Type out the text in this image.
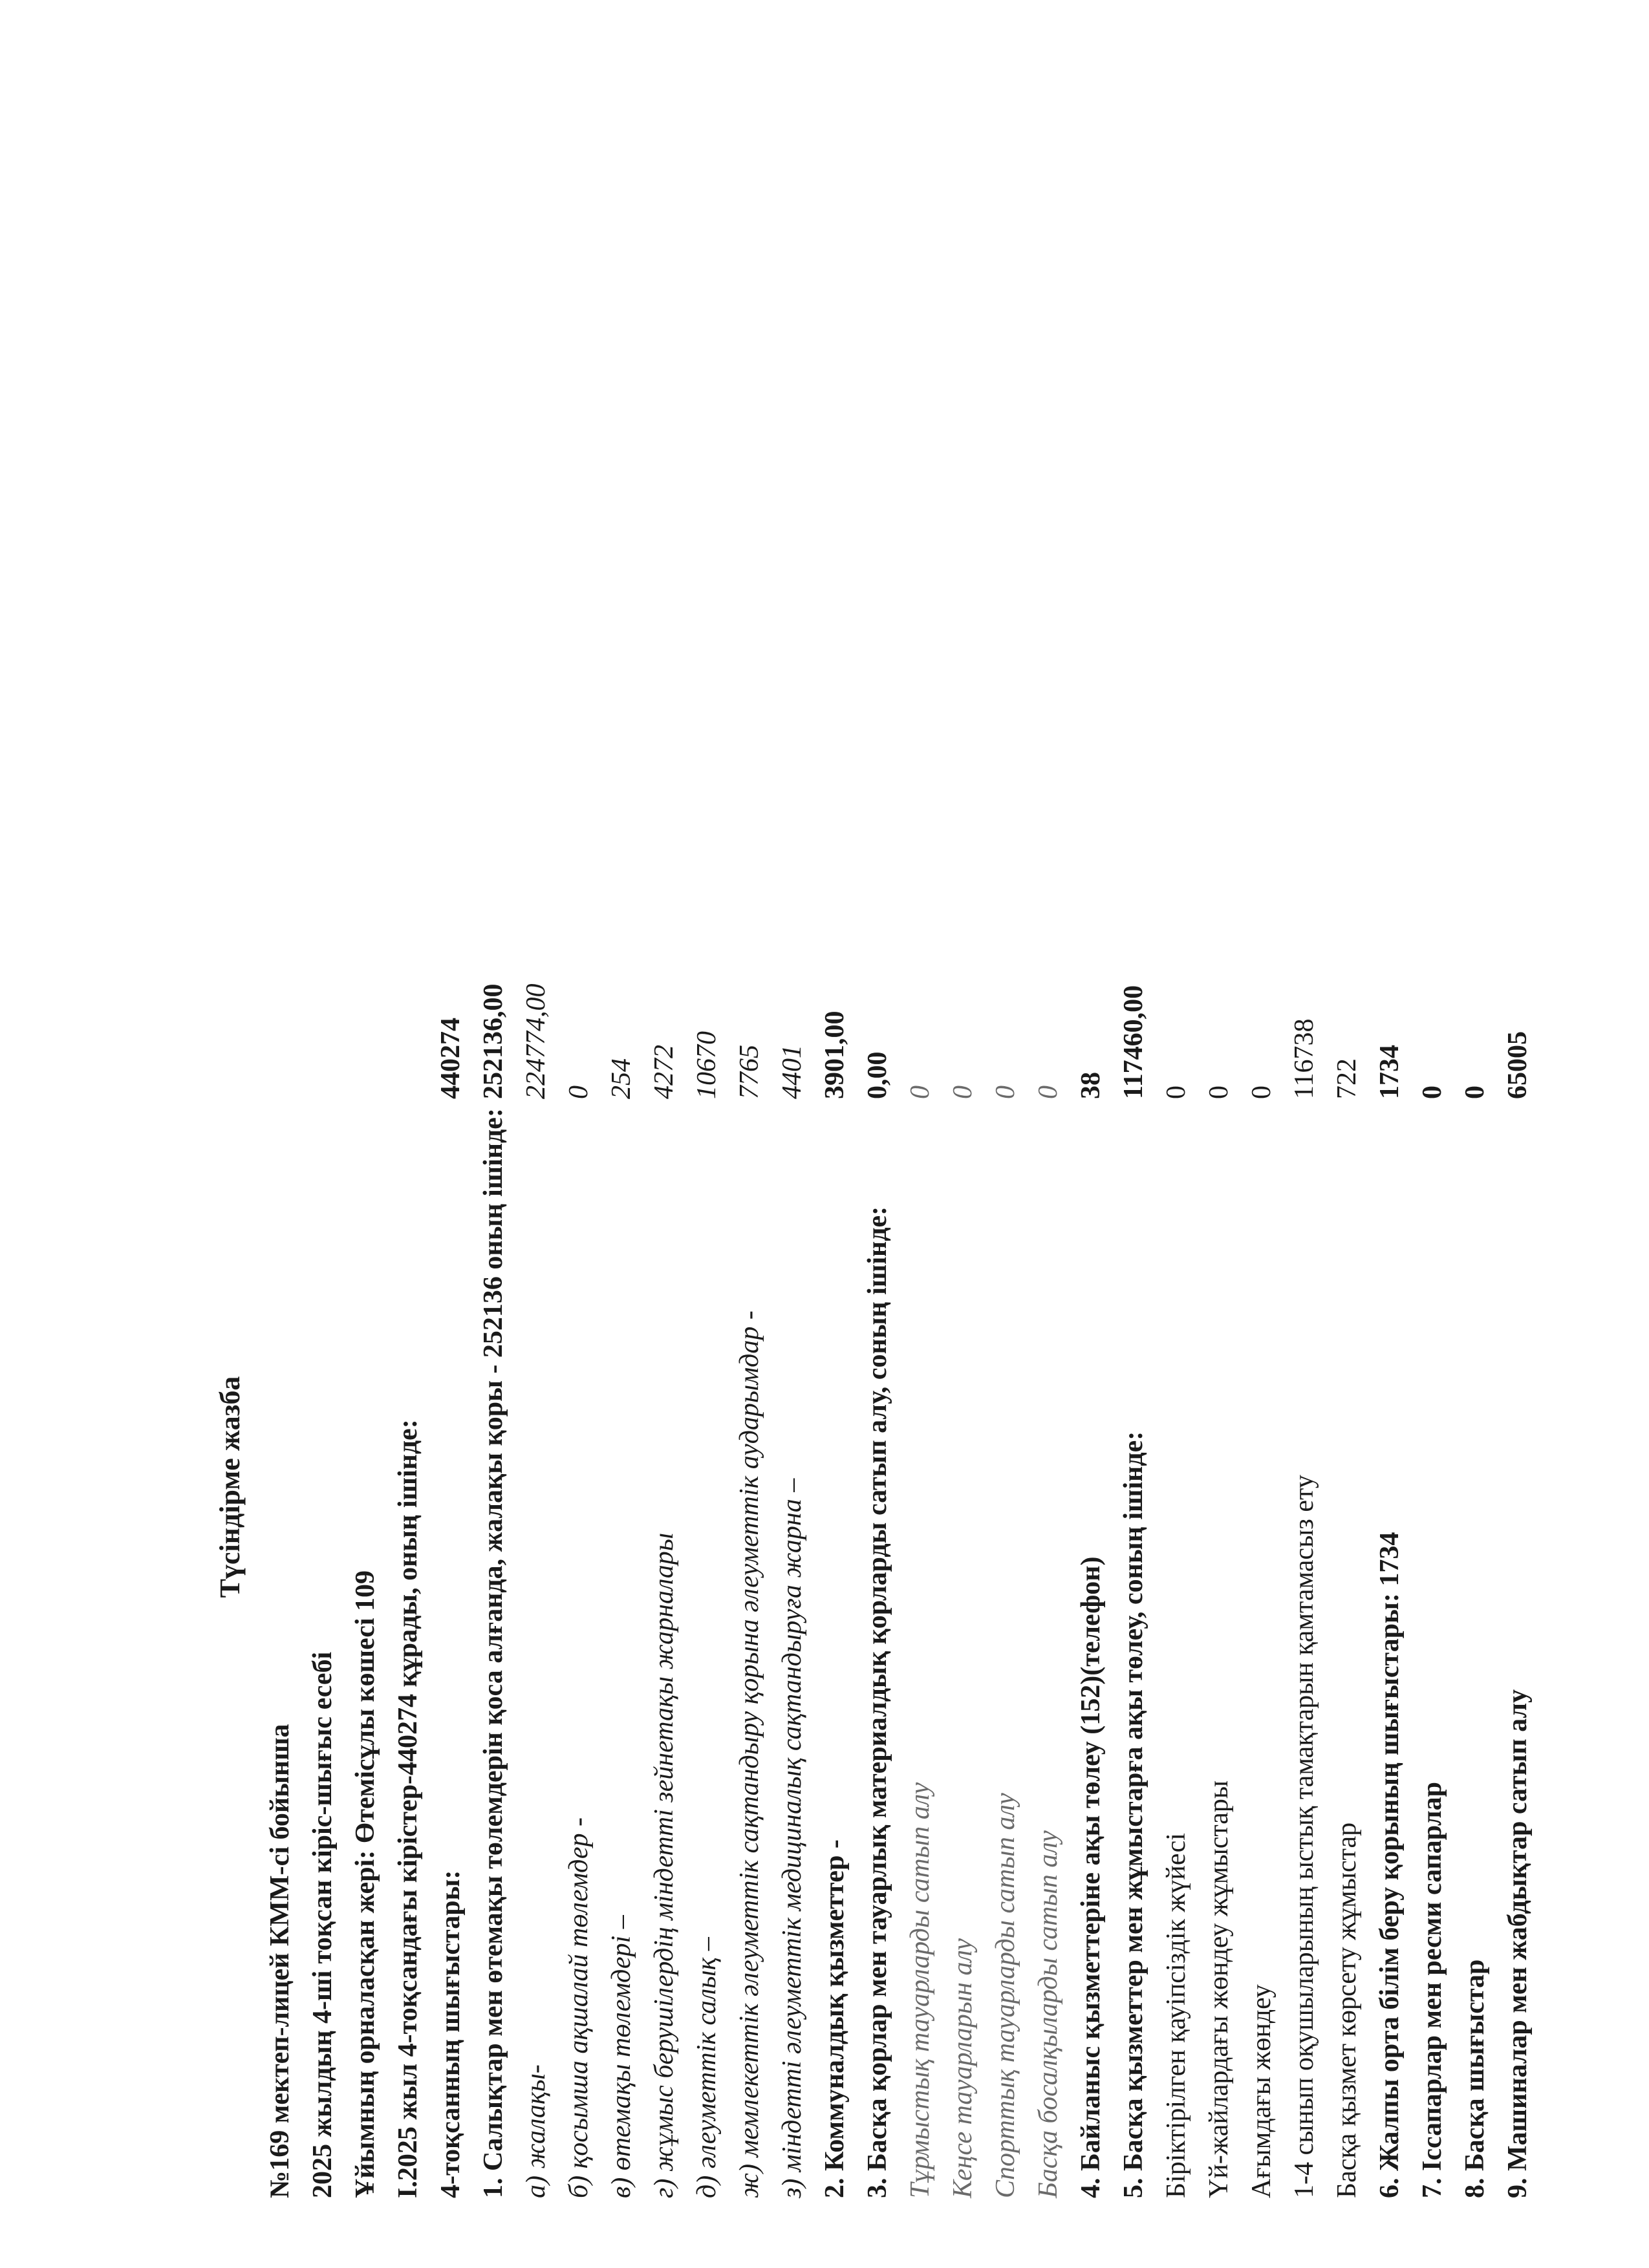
Түсіндірме жазба
№169 мектеп-лицей КММ-сі бойынша 2025 жылдың 4-ші тоқсан кіріс-шығыс есебі Ұйымның орналасқан жері: Өтемісұлы көшесі 109 I.2025 жыл 4-тоқсандағы кірістер-440274 құрады, оның ішінде: 4-тоқсанның шығыстары:
440274
1. Салықтар мен өтемақы төлемдерін қоса алғанда, жалақы қоры - 252136 оның ішінде:
252136,00
а) жалақы-
224774,00
б) қосымша ақшалай төлемдер -
0
в) өтемақы төлемдері –
254
г) жұмыс берушілердің міндетті зейнетақы жарналары
4272
д) әлеуметтік салық –
10670
ж) мемлекеттік әлеуметтік сақтандыру қорына әлеуметтік аударымдар -
7765
з) міндетті әлеуметтік медициналық сақтандыруға жарна –
4401
2. Коммуналдық қызметтер -
3901,00
3. Басқа қорлар мен тауарлық материалдық қорларды сатып алу, соның ішінде:
0,00
Тұрмыстық тауарларды сатып алу
0
Кеңсе тауарларын алу
0
Спорттық тауарларды сатып алу
0
Басқа босалқыларды сатып алу
0
4. Байланыс қызметтеріне ақы төлеу (152)(телефон)
38
5. Басқа қызметтер мен жұмыстарға ақы төлеу, соның ішінде:
117460,00
Біріктірілген қауіпсіздік жүйесі
0
Үй-жайлардағы жөндеу жұмыстары
0
Ағымдағы жөндеу
0
1-4 сынып оқушыларының ыстық тамақтарын қамтамасыз ету
116738
Басқа қызмет көрсету жұмыстар
722
6. Жалпы орта білім беру қорының шығыстары: 1734
1734
7. Іссапарлар мен ресми сапарлар
0
8. Басқа шығыстар
0
9. Машиналар мен жабдықтар сатып алу
65005
